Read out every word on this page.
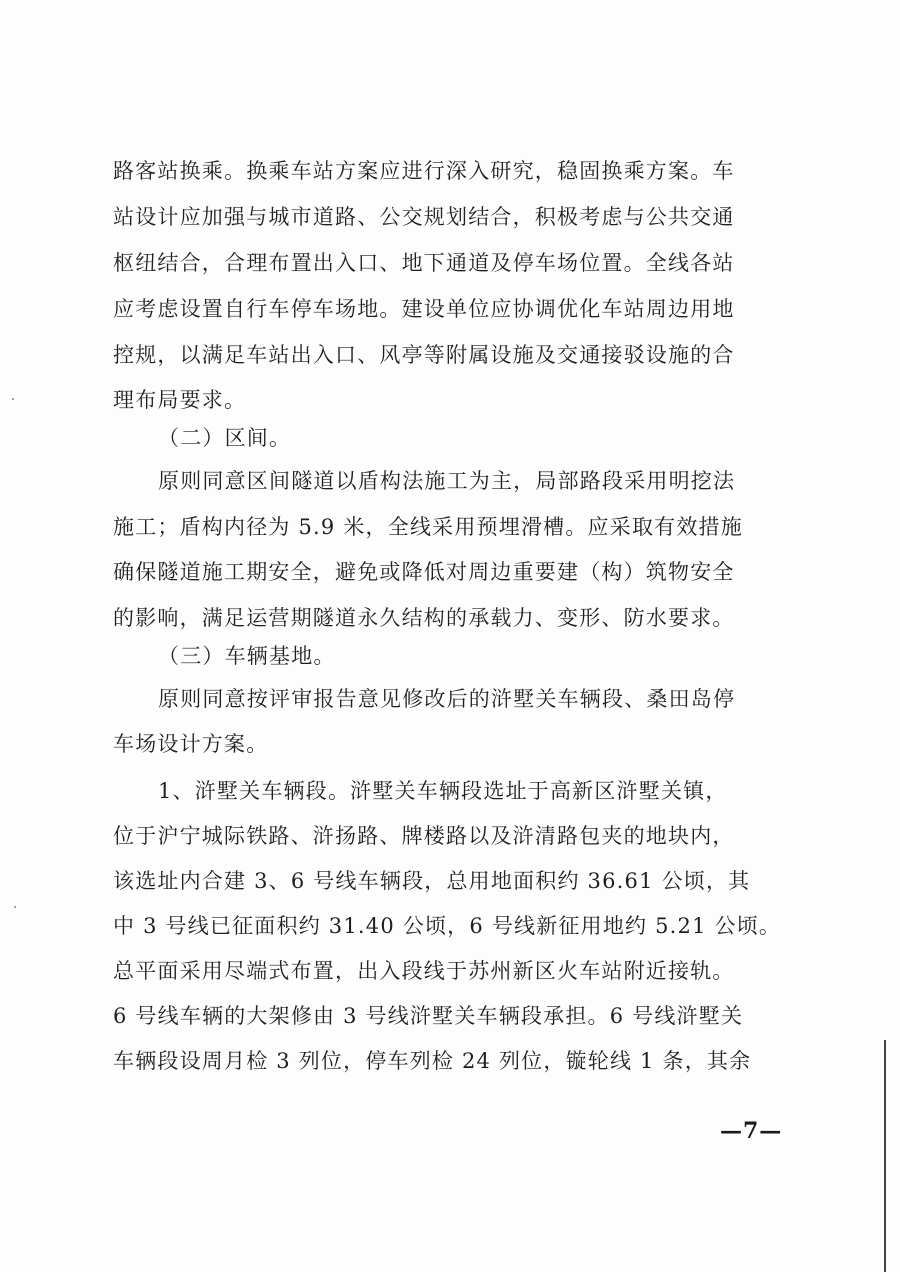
路客站换乘。换乘车站方案应进行深入研究，稳固换乘方案。车
站设计应加强与城市道路、公交规划结合，积极考虑与公共交通
枢纽结合，合理布置出入口、地下通道及停车场位置。全线各站
应考虑设置自行车停车场地。建设单位应协调优化车站周边用地
控规，以满足车站出入口、风亭等附属设施及交通接驳设施的合
理布局要求。
（二）区间。
原则同意区间隧道以盾构法施工为主，局部路段采用明挖法
施工；盾构内径为 5.9 米，全线采用预埋滑槽。应采取有效措施
确保隧道施工期安全，避免或降低对周边重要建（构）筑物安全
的影响，满足运营期隧道永久结构的承载力、变形、防水要求。
（三）车辆基地。
原则同意按评审报告意见修改后的浒墅关车辆段、桑田岛停
车场设计方案。
1、浒墅关车辆段。浒墅关车辆段选址于高新区浒墅关镇，
位于沪宁城际铁路、浒扬路、牌楼路以及浒清路包夹的地块内，
该选址内合建 3、6 号线车辆段，总用地面积约 36.61 公顷，其
中 3 号线已征面积约 31.40 公顷，6 号线新征用地约 5.21 公顷。
总平面采用尽端式布置，出入段线于苏州新区火车站附近接轨。
6 号线车辆的大架修由 3 号线浒墅关车辆段承担。6 号线浒墅关
车辆段设周月检 3 列位，停车列检 24 列位，镟轮线 1 条，其余
—7—
